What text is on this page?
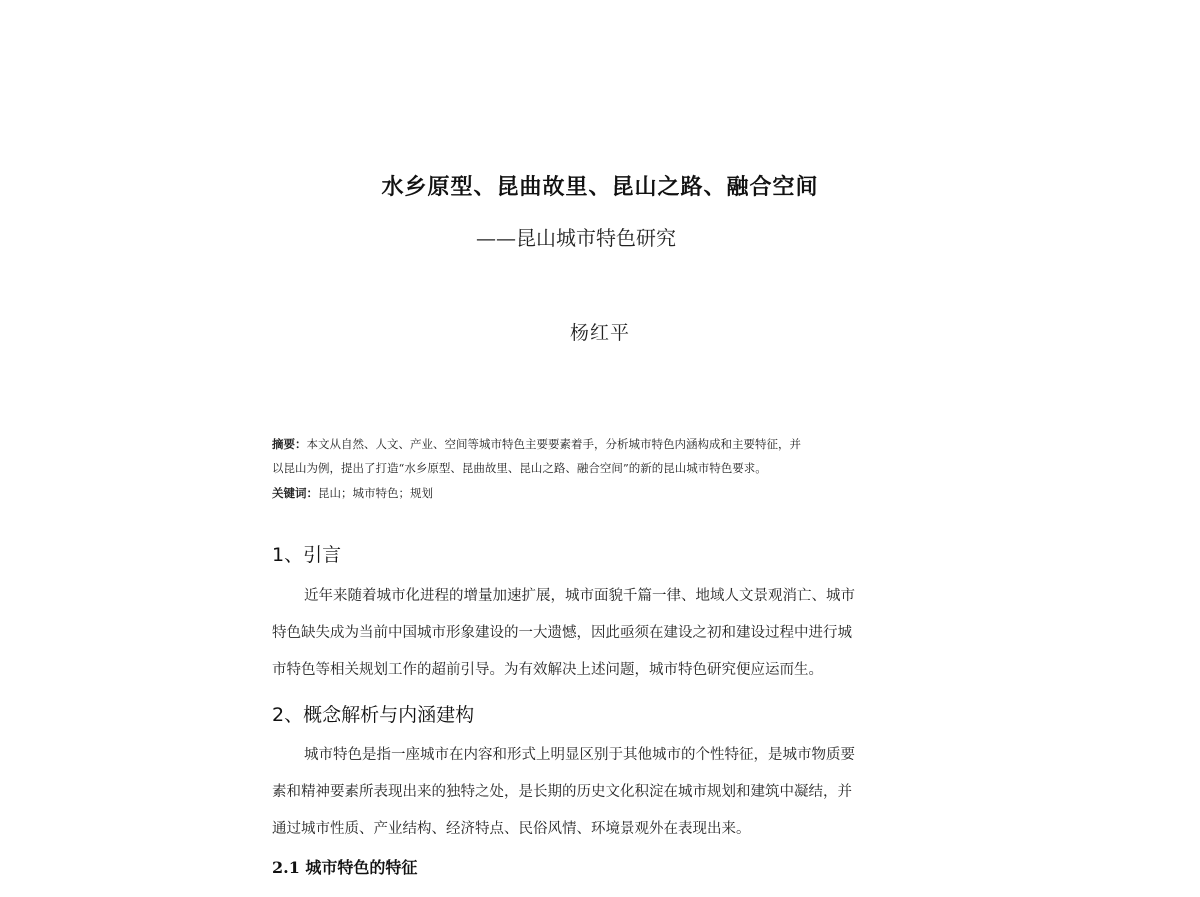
水乡原型、昆曲故里、昆山之路、融合空间
——昆山城市特色研究
杨红平

摘要：本文从自然、人文、产业、空间等城市特色主要要素着手，分析城市特色内涵构成和主要特征，并

以昆山为例，提出了打造“水乡原型、昆曲故里、昆山之路、融合空间”的新的昆山城市特色要求。

关键词：昆山；城市特色；规划
1、引言
近年来随着城市化进程的增量加速扩展，城市面貌千篇一律、地域人文景观消亡、城市
特色缺失成为当前中国城市形象建设的一大遗憾，因此亟须在建设之初和建设过程中进行城
市特色等相关规划工作的超前引导。为有效解决上述问题，城市特色研究便应运而生。
2、概念解析与内涵建构
城市特色是指一座城市在内容和形式上明显区别于其他城市的个性特征，是城市物质要
素和精神要素所表现出来的独特之处，是长期的历史文化积淀在城市规划和建筑中凝结，并
通过城市性质、产业结构、经济特点、民俗风情、环境景观外在表现出来。
2.1 城市特色的特征
